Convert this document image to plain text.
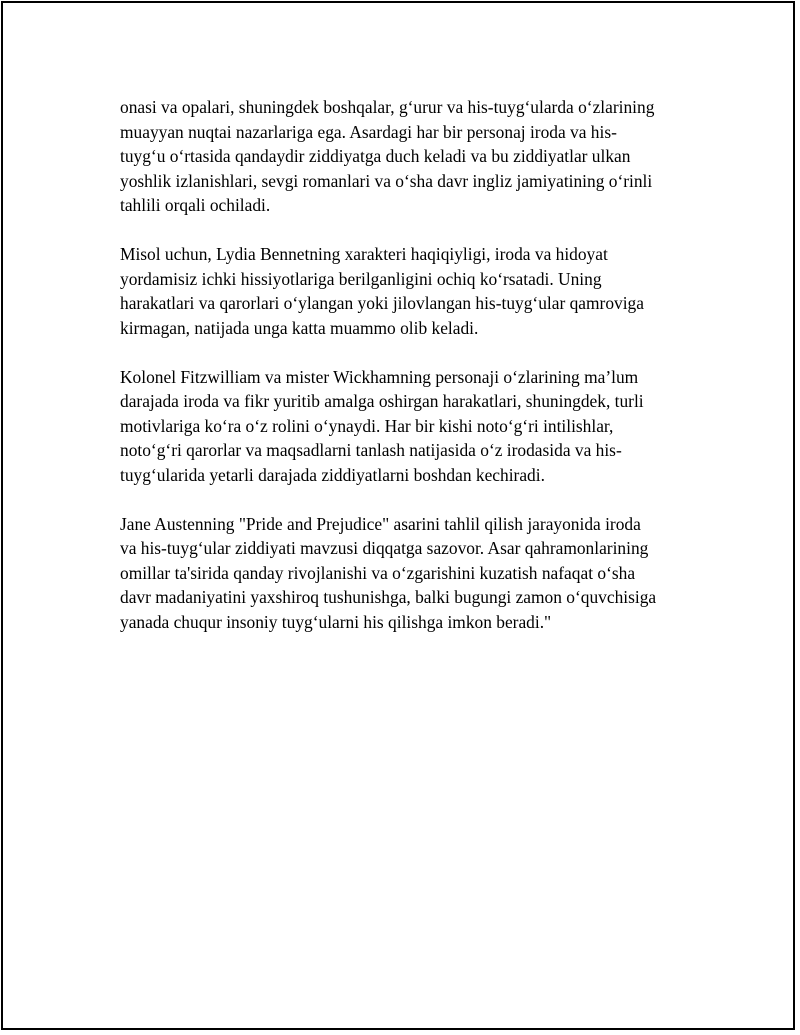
onasi va opalari, shuningdek boshqalar, g‘urur va his-tuyg‘ularda o‘zlarining
muayyan nuqtai nazarlariga ega. Asardagi har bir personaj iroda va his-
tuyg‘u o‘rtasida qandaydir ziddiyatga duch keladi va bu ziddiyatlar ulkan
yoshlik izlanishlari, sevgi romanlari va o‘sha davr ingliz jamiyatining o‘rinli
tahlili orqali ochiladi.

Misol uchun, Lydia Bennetning xarakteri haqiqiyligi, iroda va hidoyat
yordamisiz ichki hissiyotlariga berilganligini ochiq ko‘rsatadi. Uning
harakatlari va qarorlari o‘ylangan yoki jilovlangan his-tuyg‘ular qamroviga
kirmagan, natijada unga katta muammo olib keladi.

Kolonel Fitzwilliam va mister Wickhamning personaji o‘zlarining ma’lum
darajada iroda va fikr yuritib amalga oshirgan harakatlari, shuningdek, turli
motivlariga ko‘ra o‘z rolini o‘ynaydi. Har bir kishi noto‘g‘ri intilishlar,
noto‘g‘ri qarorlar va maqsadlarni tanlash natijasida o‘z irodasida va his-
tuyg‘ularida yetarli darajada ziddiyatlarni boshdan kechiradi.

Jane Austenning "Pride and Prejudice" asarini tahlil qilish jarayonida iroda
va his-tuyg‘ular ziddiyati mavzusi diqqatga sazovor. Asar qahramonlarining
omillar ta'sirida qanday rivojlanishi va o‘zgarishini kuzatish nafaqat o‘sha
davr madaniyatini yaxshiroq tushunishga, balki bugungi zamon o‘quvchisiga
yanada chuqur insoniy tuyg‘ularni his qilishga imkon beradi."
